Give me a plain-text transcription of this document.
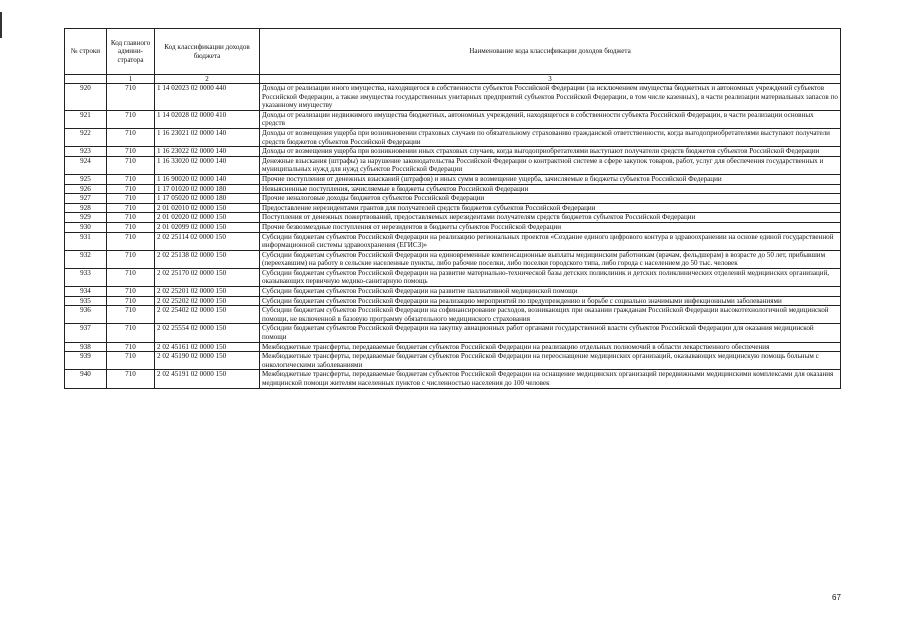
№ строки	Код главного админи-стратора	Код классификации доходов бюджета	Наименование кода классификации доходов бюджета
	1	2	3
920	710	1 14 02023 02 0000 440	Доходы от реализации иного имущества, находящегося в собственности субъектов Российской Федерации (за исключением имущества бюджетных и автономных учреждений субъектов Российской Федерации, а также имущества государственных унитарных предприятий субъектов Российской Федерации, в том числе казенных), в части реализации материальных запасов по указанному имуществу
921	710	1 14 02028 02 0000 410	Доходы от реализации недвижимого имущества бюджетных, автономных учреждений, находящегося в собственности субъекта Российской Федерации, в части реализации основных средств
922	710	1 16 23021 02 0000 140	Доходы от возмещения ущерба при возникновении страховых случаев по обязательному страхованию гражданской ответственности, когда выгодоприобретателями выступают получатели средств бюджетов субъектов Российской Федерации
923	710	1 16 23022 02 0000 140	Доходы от возмещения ущерба при возникновении иных страховых случаев, когда выгодоприобретателями выступают получатели средств бюджетов субъектов Российской Федерации
924	710	1 16 33020 02 0000 140	Денежные взыскания (штрафы) за нарушение законодательства Российской Федерации о контрактной системе в сфере закупок товаров, работ, услуг для обеспечения государственных и муниципальных нужд для нужд субъектов Российской Федерации
925	710	1 16 90020 02 0000 140	Прочие поступления от денежных взысканий (штрафов) и иных сумм в возмещение ущерба, зачисляемые в бюджеты субъектов Российской Федерации
926	710	1 17 01020 02 0000 180	Невыясненные поступления, зачисляемые в бюджеты субъектов Российской Федерации
927	710	1 17 05020 02 0000 180	Прочие неналоговые доходы бюджетов субъектов Российской Федерации
928	710	2 01 02010 02 0000 150	Предоставление нерезидентами грантов для получателей средств бюджетов субъектов Российской Федерации
929	710	2 01 02020 02 0000 150	Поступления от денежных пожертвований, предоставляемых нерезидентами получателям средств бюджетов субъектов Российской Федерации
930	710	2 01 02099 02 0000 150	Прочие безвозмездные поступления от нерезидентов в бюджеты субъектов Российской Федерации
931	710	2 02 25114 02 0000 150	Субсидии бюджетам субъектов Российской Федерации на реализацию региональных проектов «Создание единого цифрового контура в здравоохранении на основе единой государственной информационной системы здравоохранения (ЕГИСЗ)»
932	710	2 02 25138 02 0000 150	Субсидии бюджетам субъектов Российской Федерации на единовременные компенсационные выплаты медицинским работникам (врачам, фельдшерам) в возрасте до 50 лет, прибывшим (переехавшим) на работу в сельские населенные пункты, либо рабочие поселки, либо поселки городского типа, либо города с населением до 50 тыс. человек
933	710	2 02 25170 02 0000 150	Субсидии бюджетам субъектов Российской Федерации на развитие материально-технической базы детских поликлиник и детских поликлинических отделений медицинских организаций, оказывающих первичную медико-санитарную помощь
934	710	2 02 25201 02 0000 150	Субсидии бюджетам субъектов Российской Федерации на развитие паллиативной медицинской помощи
935	710	2 02 25202 02 0000 150	Субсидии бюджетам субъектов Российской Федерации на реализацию мероприятий по предупреждению и борьбе с социально значимыми инфекционными заболеваниями
936	710	2 02 25402 02 0000 150	Субсидии бюджетам субъектов Российской Федерации на софинансирование расходов, возникающих при оказании гражданам Российской Федерации высокотехнологичной медицинской помощи, не включенной в базовую программу обязательного медицинского страхования
937	710	2 02 25554 02 0000 150	Субсидии бюджетам субъектов Российской Федерации на закупку авиационных работ органами государственной власти субъектов Российской Федерации для оказания медицинской помощи
938	710	2 02 45161 02 0000 150	Межбюджетные трансферты, передаваемые бюджетам субъектов Российской Федерации на реализацию отдельных полномочий в области лекарственного обеспечения
939	710	2 02 45190 02 0000 150	Межбюджетные трансферты, передаваемые бюджетам субъектов Российской Федерации на переоснащение медицинских организаций, оказывающих медицинскую помощь больным с онкологическими заболеваниями
940	710	2 02 45191 02 0000 150	Межбюджетные трансферты, передаваемые бюджетам субъектов Российской Федерации на оснащение медицинских организаций передвижными медицинскими комплексами для оказания медицинской помощи жителям населенных пунктов с численностью населения до 100 человек
67
